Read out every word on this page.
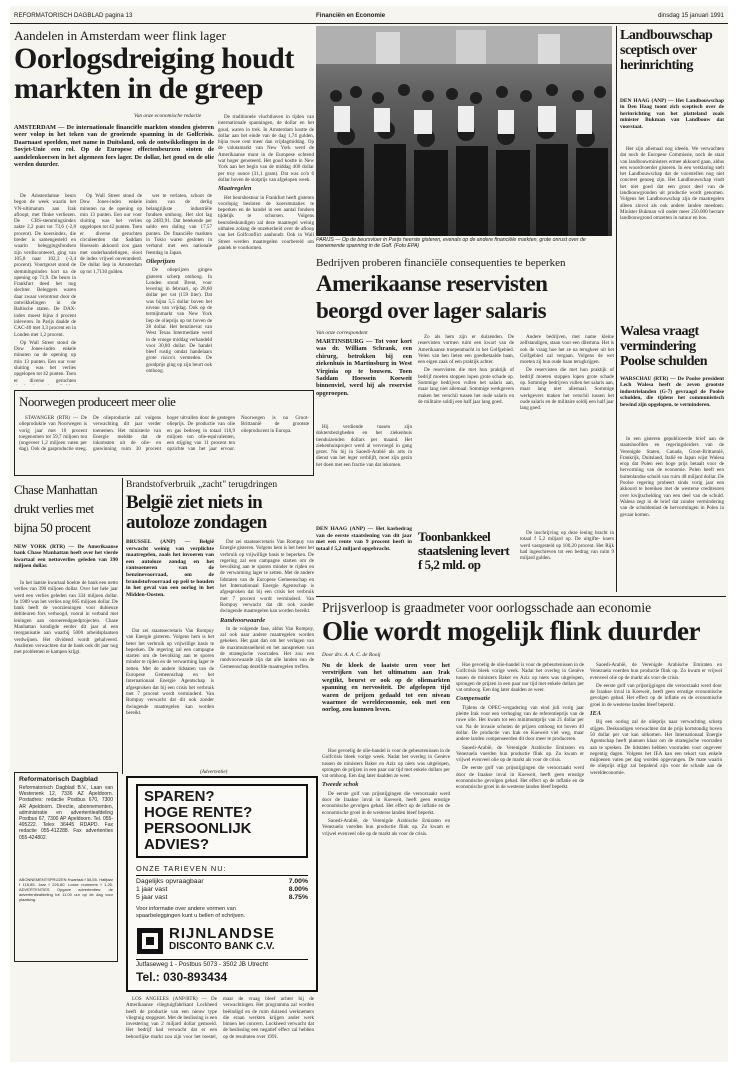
REFORMATORISCH DAGBLAD pagina 13	Financiën en Economie	dinsdag 15 januari 1991
Aandelen in Amsterdam weer flink lager
Oorlogsdreiging houdt markten in de greep
Van onze economische redactie
AMSTERDAM — De internationale financiële markten stonden gisteren weer volop in het teken van de groeiende spanning in de Golfcrisis. Daarnaast speelden, met name in Duitsland, ook de ontwikkelingen in de Sovjet-Unie een rol. Op de Europese effectenbeurzen stoten de aandelenkoersen in het algemeen fors lager. De dollar, het goud en de olie werden duurder.

De Amsterdamse beurs begon de week waarin het VN-ultimatum aan Irak afloopt, met flinke verliezen. De CBS-stemmingsindex zakte 2,2 punt tot 73,6 (-2,8 procent). De koersindex, die breder is samengesteld en waarin beleggingsfondsen zijn verdisconteerd, ging van 105,8 naar 102,3 (-3,4 procent). Voortgezet stond de stemmingsindex kort na de opening op 71,9. De beurs in Frankfurt deed het nog slechter. Beleggers waren daar zwaar verontrust door de ontwikkelingen in de Baltische staten. De DAX-index moest bijna 4 procent inleveren. In Parijs daalde de CAC-40 met 3,3 procent en in Londen met 1,2 procent.

Op Wall Street stond de Dow Jones-index enkele minuten na de opening op min 13 punten. Een uur voor sluiting was het verlies opgelopen tot 42 punten. Toen er diverse geruchten

Op Wall Street stond de Dow Jones-index enkele minuten na de opening op min 13 punten. Een uur voor sluiting was het verlies opgelopen tot 42 punten. Toen er diverse geruchten circuleerden dat Saddam Hoessein akkoord zou gaan met onderhandelingen, sloot de index vrijwel onveranderd. De dollar liep in Amsterdam op tot 1,7130 gulden.

wet te verlaten, schoot de index van de derlig belangrijkste industriële fondsen omhoog. Het slot lag op 2483,91. Dat betekende per saldo een daling van 17,57 punten. De financiële markten in Tokio waren gesloten in verband met een nationale feestdag in Japan.

Olieprijzen

De olieprijzen gingen gisteren scherp omhoog. In Londen stond Brent, voor levering in februari, op 28,60 dollar per vat (159 liter). Dat was bijna 5,5 dollar boven het niveau van vrijdag. Ook op de termijnmarkt van New York liep de olieprijs op tot boven de 28 dollar. Het benzinevat van West Texas Intermediate werd in de vroege middag verhandeld voor 30,80 dollar. De handel bleef rustig omdat handelaars grote risico's vermeden. De goudprijs ging op zijn beurt ook omhoog.

De traditionele vluchthaven in tijden van internationale spanningen, de dollar en het goud, waren in trek. In Amsterdam kostte de dollar aan het einde van de dag 1,74 gulden, bijna twee cent meer dan vrijdagmiddag. Op de valutamarkt van New York werd de Amerikaanse munt in de Europese ochtend wat hoger genoteerd. Het goud kostte in New York aan het begin van de middag 400 dollar per troy ounce (31,1 gram). Dat was zo'n 6 dollar boven de slotprijs van afgelopen week.

Maatregelen

Het beursbestuur in Frankfurt heeft gisteren voorlopig besloten de koersmutaties te beperken en de handel in een aantal fondsen tijdelijk te schorsen. Volgens beursdeskundigen zal deze maatregel weinig uithalen zolang de onzekerheid over de afloop van het Golfconflict aanhoudt. Ook in Wall Street werden maatregelen voorbereid om paniek te voorkomen.

PARIJS — Op de beursvloer in Parijs heerste gisteren, evenals op de andere financiële markten, grote onrust over de toenemende spanning in de Golf. (Foto EPA)
Bedrijven proberen financiële consequenties te beperken
Amerikaanse reservisten beorgd over lager salaris
Van onze correspondent
MARTINSBURG — Tot voor kort was dr. William Schrank, een chirurg, betrokken bij een ziekenhuis in Martinsburg in West Virginia op te bouwen. Toen Saddam Hoessein Koeweit binnenviel, werd hij als reservist opgeroepen.

Hij verdiende tussen zijn doktersbezigheden en het ziekenhuis tienduizenden dollars per maand. Het ziekenhuisproject werd al vervroegd in gang gezet. Nu hij in Saoedi-Arabië als arts in dienst van het leger verblijft, moet zijn gezin het doen met een fractie van dat inkomen.

Zo als hem zijn er duizenden. De reservisten vormen ruim een kwart van de Amerikaanse troepenmacht in het Golfgebied. Velen van hen lieten een goedbetaalde baan, een eigen zaak of een praktijk achter.

De reservisten die met hun praktijk of bedrijf moeten stoppen lopen grote schade op. Sommige bedrijven vullen het salaris aan, maar lang niet allemaal. Sommige werkgevers maken het verschil tussen het oude salaris en de militaire soldij een half jaar lang goed.

Andere bedrijven, met name kleine zelfstandigen, staan voor een dilemma. Het is ook de vraag hoe het ze na terugkeer uit het Golfgebied zal vergaan. Volgens de wet moeten zij hun oude baan terugkrijgen.

De reservisten die met hun praktijk of bedrijf moeten stoppen lopen grote schade op. Sommige bedrijven vullen het salaris aan, maar lang niet allemaal. Sommige werkgevers maken het verschil tussen het oude salaris en de militaire soldij een half jaar lang goed.

Toonbankkeel staatslening levert f 5,2 mld. op
DEN HAAG (ANP) — Het kasbedrag van de eerste staatslening van dit jaar met een rente van 9 procent heeft in totaal f 5,2 miljard opgebracht.

De inschrijving op deze lening bracht in totaal f 5,2 miljard op. De uitgifte- koers werd vastgesteld op 100,20 procent. Het Rijk had ingeschreven tot een bedrag van ruim 9 miljard gulden.

Landbouwschap sceptisch over herinrichting
DEN HAAG (ANP) — Het Landbouwschap in Den Haag toont zich sceptisch over de herinrichting van het platteland zoals minister Bukman van Landbouw dat voorstaat.

Het zijn allemaal nog ideeën. We verwachten dat noch de Europese Commissie, noch de staat van landbouwministers ermee akkoord gaan, aldus een woordvoerder gisteren. In een verklaring stelt het Landbouwschap dat de voorstellen nog niet concreet genoeg zijn. Het Landbouwschap vindt het niet goed dat een groot deel van de landbouwgronden uit productie wordt genomen. Volgens het Landbouwschap zijn de maatregelen alleen zinvol als ook andere landen meedoen. Minister Bukman wil onder meer 250.000 hectare landbouwgrond omzetten in natuur en bos.

Walesa vraagt vermindering Poolse schulden
WARSCHAU (RTR) — De Poolse president Lech Walesa heeft de zeven grootste industrielanden (G-7) gevraagd de Poolse schulden, die tijdens het communistisch bewind zijn opgelopen, te verminderen.

In een gisteren gepubliceerde brief aan de staatshoofden en regeringsleiders van de Verenigde Staten, Canada, Groot-Brittannië, Frankrijk, Duitsland, Italië en Japan wijst Walesa erop dat Polen een hoge prijs betaalt voor de hervorming van de economie. Polen heeft een buitenlandse schuld van ruim 48 miljard dollar. De Poolse regering probeert sinds vorig jaar een akkoord te bereiken met de westerse crediteuren over kwijtschelding van een deel van de schuld. Walesa zegt in de brief dat zonder vermindering van de schuldenlast de hervormingen in Polen in gevaar komen.

Noorwegen produceert meer olie

STAVANGER (RTR) — De olieproduktie van Noorwegen is vorig jaar met 10 procent toegenomen tot 59,7 miljoen ton (ongeveer 1,2 miljoen vaten per dag). Ook de gasproductie steeg. De olieproductie zal volgens verwachting dit jaar verder toenemen. Het ministerie van Energie meldde dat de inkomsten uit de olie- en gaswinning ruim 30 procent hoger uitvallen door de gestegen olieprijs. De productie van olie en gas bedroeg in totaal 118,9 miljoen ton olie-equivalenten, een stijging van 11 procent ten opzichte van het jaar ervoor. Noorwegen is na Groot-Brittannië de grootste olieproducent in Europa.

Chase Manhattan
drukt verlies met
bijna 50 procent
NEW YORK (RTR) — De Amerikaanse bank Chase Manhattan heeft over het vierde kwartaal een nettoverlies geleden van 390 miljoen dollar.

In het laatste kwartaal boekte de bank een netto verlies van 390 miljoen dollar. Over het hele jaar werd een verlies geleden van 334 miljoen dollar. In 1989 was het verlies nog 665 miljoen dollar. De bank heeft de voorzieningen voor dubieuze debiteuren fors verhoogd, vooral in verband met leningen aan onroerendgoedprojecten. Chase Manhattan kondigde eerder dit jaar al een reorganisatie aan waarbij 5000 arbeidsplaatsen verdwijnen. Het dividend wordt gehalveerd. Analisten verwachten dat de bank ook dit jaar nog met problemen te kampen krijgt.

Reformatorisch Dagblad
Reformatorisch Dagblad B.V., Laan van Westenenk 12, 7336 AZ Apeldoorn. Postadres: redactie Postbus 670, 7300 AR Apeldoorn. Directie, abonnementen, administratie en advertentieafdeling Postbus 67, 7300 AP Apeldoorn. Tel. 055-495222. Telex 36445 RDAPD. Fax redactie 055-412288. Fax advertenties 055-424802.
ABONNEMENTSPRIJZEN Kwartaal f 58,55. Halfjaar f 115,85. Jaar f 226,60. Losse nummers f 1,25. ADVERTENTIES Opgave advertenties: de advertentieafdeling tot 11.00 uur op de dag voor plaatsing.
Brandstofverbruik „zacht" terugdringen
België ziet niets in autoloze zondagen
BRUSSEL (ANP) — België verwacht weinig van verplichte maatregelen, zoals het invoeren van een autoloze zondag en het rantsoeneren van de benzinevoorraad, om de brandstofvoorraad op peil te houden in het geval van een oorlog in het Midden-Oosten.

Dat zei staatssecretaris Van Rompuy van Energie gisteren. Volgens hem is het beter het verbruik op vrijwillige basis te beperken. De regering zal een campagne starten om de bevolking aan te sporen minder te rijden en de verwarming lager te zetten. Met de andere lidstaten van de Europese Gemeenschap en het Internationaal Energie Agentschap is afgesproken dat bij een crisis het verbruik met 7 procent wordt verminderd. Van Rompuy verwacht dat dit ook zonder dwingende maatregelen kan worden bereikt.

Dat zei staatssecretaris Van Rompuy van Energie gisteren. Volgens hem is het beter het verbruik op vrijwillige basis te beperken. De regering zal een campagne starten om de bevolking aan te sporen minder te rijden en de verwarming lager te zetten. Met de andere lidstaten van de Europese Gemeenschap en het Internationaal Energie Agentschap is afgesproken dat bij een crisis het verbruik met 7 procent wordt verminderd. Van Rompuy verwacht dat dit ook zonder dwingende maatregelen kan worden bereikt.

Randvoorwaarde

In de volgende fase, aldus Van Rompuy, zal ook naar andere maatregelen worden gekeken. Het gaat dan om het verlagen van de maximumsnelheid en het aanspreken van de strategische voorraden. Het zou een randvoorwaarde zijn dat alle landen van de Gemeenschap dezelfde maatregelen treffen.

(Advertentie)
SPAREN?
HOGE RENTE?
PERSOONLIJK ADVIES?
ONZE TARIEVEN NU:
Dagelijks opvraagbaar	7.00%
1 jaar vast	8.00%
5 jaar vast	8.75%
Voor informatie over andere vormen van
spaarbeleggingen kunt u bellen of schrijven.
RIJNLANDSE
DISCONTO BANK C.V.
Jutfaseweg 1 - Postbus 5073 - 3502 JB Utrecht
Tel.: 030-893434

LOS ANGELES (ANP/RTR) — De Amerikaanse vliegtuigfabrikant Lockheed heeft de productie van een nieuw type vliegtuig stopgezet. Met de beslissing is een investering van 2 miljard dollar gemoeid. Het bedrijf had verwacht dat er een behoorlijke markt zou zijn voor het toestel, maar de vraag bleef achter bij de verwachtingen. Het programma zal worden beëindigd en de ruim duizend werknemers die eraan werkten krijgen ander werk binnen het concern. Lockheed verwacht dat de beslissing een negatief effect zal hebben op de resultaten over 1991.

Prijsverloop is graadmeter voor oorlogsschade aan economie
Olie wordt mogelijk flink duurder
Door drs. A. A. C. de Rooij
Nu de kloek de laatste uren voor het verstrijken van het ultimatum aan Irak wegtikt, beurst er ook op de oliemarkten spanning en nervositeit. De afgelopen tijd waren de prijzen gedaald tot een niveau waarmee de wereldeconomie, ook met een oorlog, zou kunnen leven.

Hoe gevoelig de olie-handel is voor de gebeurtenissen in de Golfcrisis bleek vorige week. Nadat het overleg in Genève tussen de ministers Baker en Aziz op niets was uitgelopen, sprongen de prijzen in een paar uur tijd met enkele dollars per vat omhoog. Een dag later daalden ze weer.

Tweede schok

De eerste golf van prijsstijgingen die veroorzaakt werd door de Iraakse inval in Koeweit, heeft geen ernstige economische gevolgen gehad. Het effect op de inflatie en de economische groei in de westerse landen bleef beperkt.

Saoedi-Arabië, de Verenigde Arabische Emiraten en Venezuela voerden hun productie flink op. Zo kwam er vrijwel evenveel olie op de markt als voor de crisis.

Hoe gevoelig de olie-handel is voor de gebeurtenissen in de Golfcrisis bleek vorige week. Nadat het overleg in Genève tussen de ministers Baker en Aziz op niets was uitgelopen, sprongen de prijzen in een paar uur tijd met enkele dollars per vat omhoog. Een dag later daalden ze weer.

Compensatie

Tijdens de OPEC-vergadering van eind juli vorig jaar pleitte Irak voor een verhoging van de referentieprijs van de ruwe olie. Het kwam tot een minimumprijs van 21 dollar per vat. Na de invasie schoten de prijzen omhoog tot boven 40 dollar. De productie van Irak en Koeweit viel weg, maar andere landen compenseerden dit door meer te produceren.

Saoedi-Arabië, de Verenigde Arabische Emiraten en Venezuela voerden hun productie flink op. Zo kwam er vrijwel evenveel olie op de markt als voor de crisis.

De eerste golf van prijsstijgingen die veroorzaakt werd door de Iraakse inval in Koeweit, heeft geen ernstige economische gevolgen gehad. Het effect op de inflatie en de economische groei in de westerse landen bleef beperkt.

Saoedi-Arabië, de Verenigde Arabische Emiraten en Venezuela voerden hun productie flink op. Zo kwam er vrijwel evenveel olie op de markt als voor de crisis.

De eerste golf van prijsstijgingen die veroorzaakt werd door de Iraakse inval in Koeweit, heeft geen ernstige economische gevolgen gehad. Het effect op de inflatie en de economische groei in de westerse landen bleef beperkt.

IEA

Bij een oorlog zal de olieprijs naar verwachting scherp stijgen. Deskundigen verwachten dat de prijs kortstondig boven 50 dollar per vat kan uitkomen. Het Internationaal Energie Agentschap heeft plannen klaar om de strategische voorraden aan te spreken. De lidstaten hebben voorraden voor ongeveer negentig dagen. Volgens het IEA kan een tekort van enkele miljoenen vaten per dag worden opgevangen. De mate waarin de olieprijs stijgt zal bepalend zijn voor de schade aan de wereldeconomie.
